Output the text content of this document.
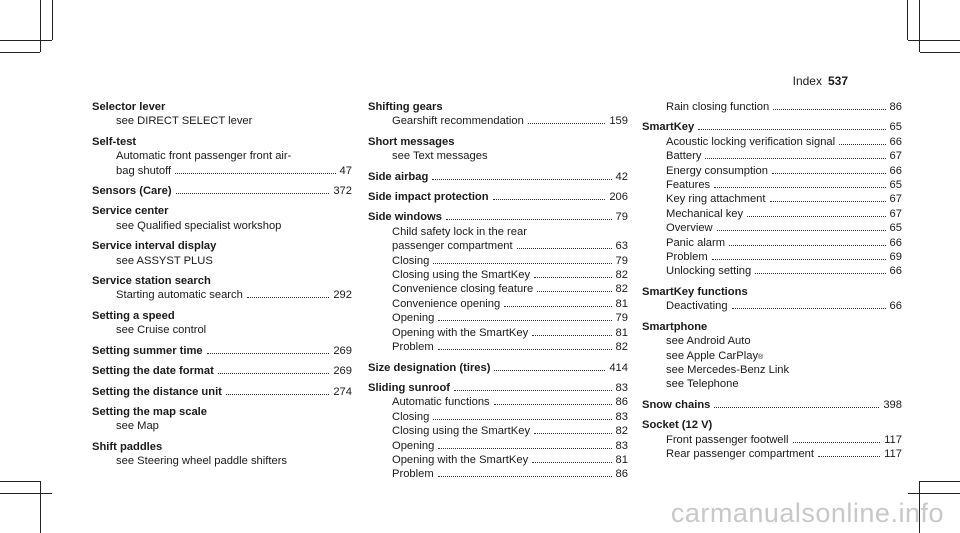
Index 537
Selector lever
see DIRECT SELECT lever
Self-test
Automatic front passenger front air-
bag shutoff	47
Sensors (Care)	372
Service center
see Qualified specialist workshop
Service interval display
see ASSYST PLUS
Service station search
Starting automatic search	292
Setting a speed
see Cruise control
Setting summer time	269
Setting the date format	269
Setting the distance unit	274
Setting the map scale
see Map
Shift paddles
see Steering wheel paddle shifters
Shifting gears
Gearshift recommendation	159
Short messages
see Text messages
Side airbag	42
Side impact protection	206
Side windows	79
Child safety lock in the rear
passenger compartment	63
Closing	79
Closing using the SmartKey	82
Convenience closing feature	82
Convenience opening	81
Opening	79
Opening with the SmartKey	81
Problem	82
Size designation (tires)	414
Sliding sunroof	83
Automatic functions	86
Closing	83
Closing using the SmartKey	82
Opening	83
Opening with the SmartKey	81
Problem	86
Rain closing function	86
SmartKey	65
Acoustic locking verification signal	66
Battery	67
Energy consumption	66
Features	65
Key ring attachment	67
Mechanical key	67
Overview	65
Panic alarm	66
Problem	69
Unlocking setting	66
SmartKey functions
Deactivating	66
Smartphone
see Android Auto
see Apple CarPlay ®
see Mercedes-Benz Link
see Telephone
Snow chains	398
Socket (12 V)
Front passenger footwell	117
Rear passenger compartment	117
carmanualsonline.info
